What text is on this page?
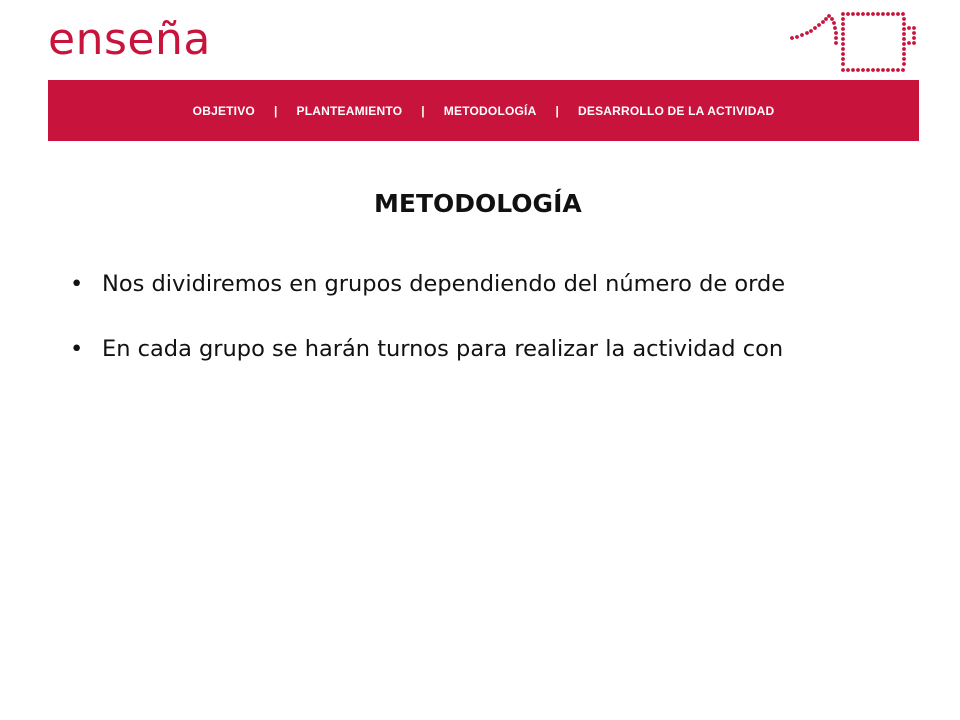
enseña
OBJETIVO | PLANTEAMIENTO | METODOLOGÍA | DESARROLLO DE LA ACTIVIDAD
METODOLOGÍA
• Nos dividiremos en grupos dependiendo del número de orde
• En cada grupo se harán turnos para realizar la actividad con
